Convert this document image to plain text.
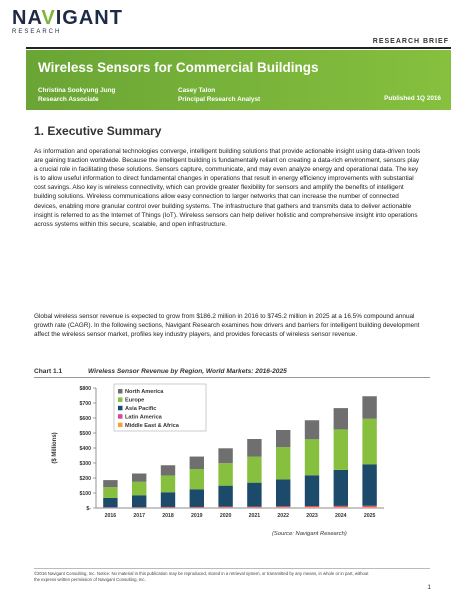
NAVIGANT
RESEARCH
RESEARCH BRIEF
Wireless Sensors for Commercial Buildings
Christina Sookyung Jung
Research Associate
Casey Talon
Principal Research Analyst	Published 1Q 2016
1. Executive Summary
As information and operational technologies converge, intelligent building solutions that provide actionable insight using data-driven tools are gaining traction worldwide. Because the intelligent building is fundamentally reliant on creating a data-rich environment, sensors play a crucial role in facilitating these solutions. Sensors capture, communicate, and may even analyze energy and operational data. The key is to allow useful information to direct fundamental changes in operations that result in energy efficiency improvements with substantial cost savings. Also key is wireless connectivity, which can provide greater flexibility for sensors and amplify the benefits of intelligent building solutions. Wireless communications allow easy connection to larger networks that can increase the number of connected devices, enabling more granular control over building systems. The infrastructure that gathers and transmits data to deliver actionable insight is referred to as the Internet of Things (IoT). Wireless sensors can help deliver holistic and comprehensive insight into operations across systems within this secure, scalable, and open infrastructure.
Global wireless sensor revenue is expected to grow from $186.2 million in 2016 to $745.2 million in 2025 at a 16.5% compound annual growth rate (CAGR). In the following sections, Navigant Research examines how drivers and barriers for intelligent building development affect the wireless sensor market, profiles key industry players, and provides forecasts of wireless sensor revenue.
Chart 1.1	Wireless Sensor Revenue by Region, World Markets: 2016-2025
$-
$100
$200
$300
$400
$500
$600
$700
$800
($ Millions)
2016	2017	2018	2019	2020	2021	2022	2023	2024	2025
North America
Europe
Asia Pacific
Latin America
Middle East & Africa
(Source: Navigant Research)
©2016 Navigant Consulting, Inc. Notice: No material in this publication may be reproduced, stored in a retrieval system, or transmitted by any means, in whole or in part, without the express written permission of Navigant Consulting, Inc.
1
